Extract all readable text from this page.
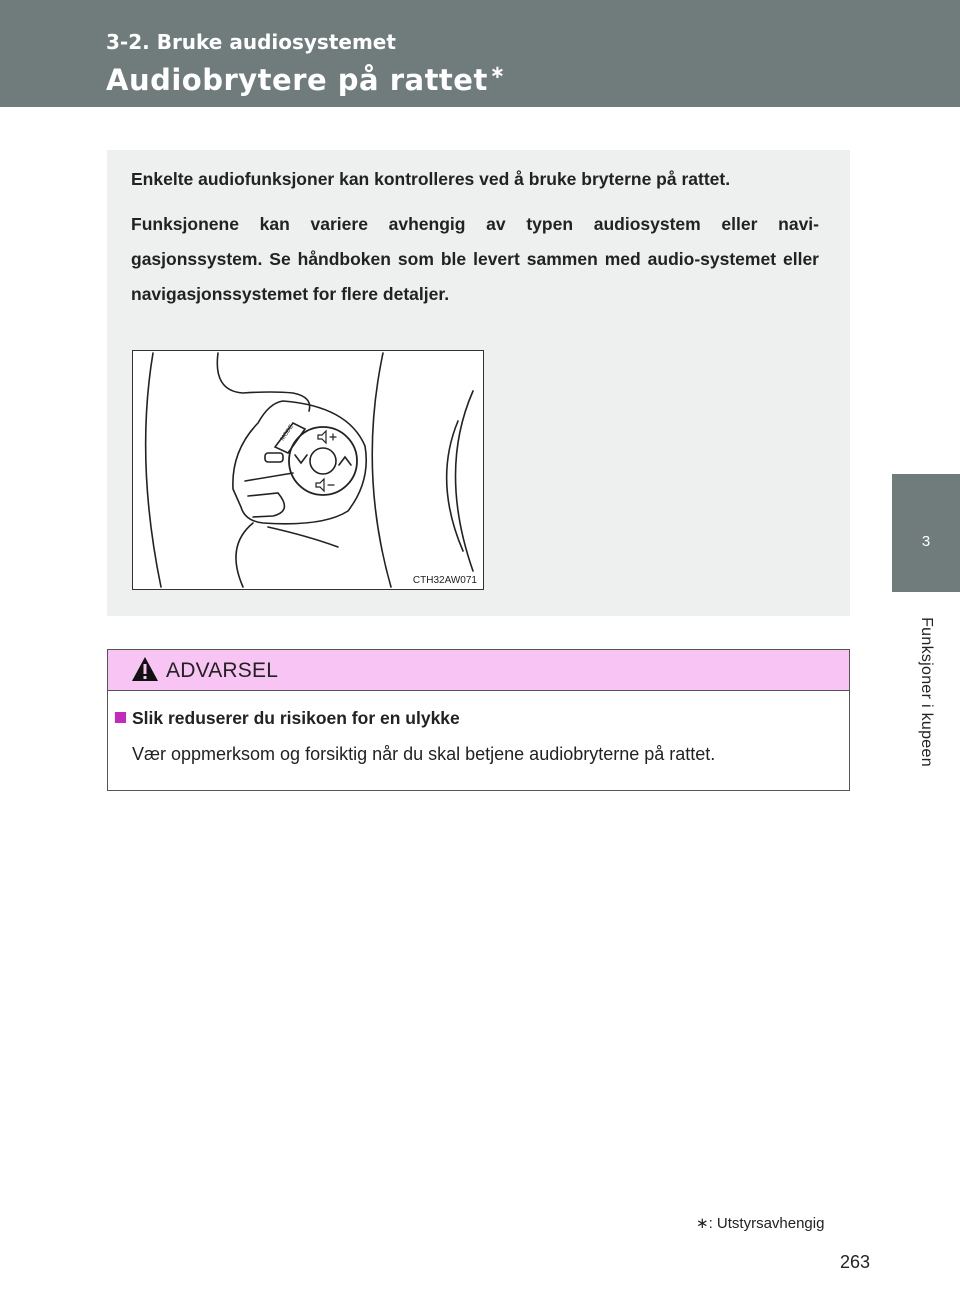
3-2. Bruke audiosystemet
Audiobrytere på rattet ∗
3
Funksjoner i kupeen

Enkelte audiofunksjoner kan kontrolleres ved å bruke bryterne på rattet.

Funksjonene kan variere avhengig av typen audiosystem eller navi-gasjonssystem. Se håndboken som ble levert sammen med audio-systemet eller navigasjonssystemet for flere detaljer.

MODE
CTH32AW071
ADVARSEL
Slik reduserer du risikoen for en ulykke
Vær oppmerksom og forsiktig når du skal betjene audiobryterne på rattet.
∗: Utstyrsavhengig
263
